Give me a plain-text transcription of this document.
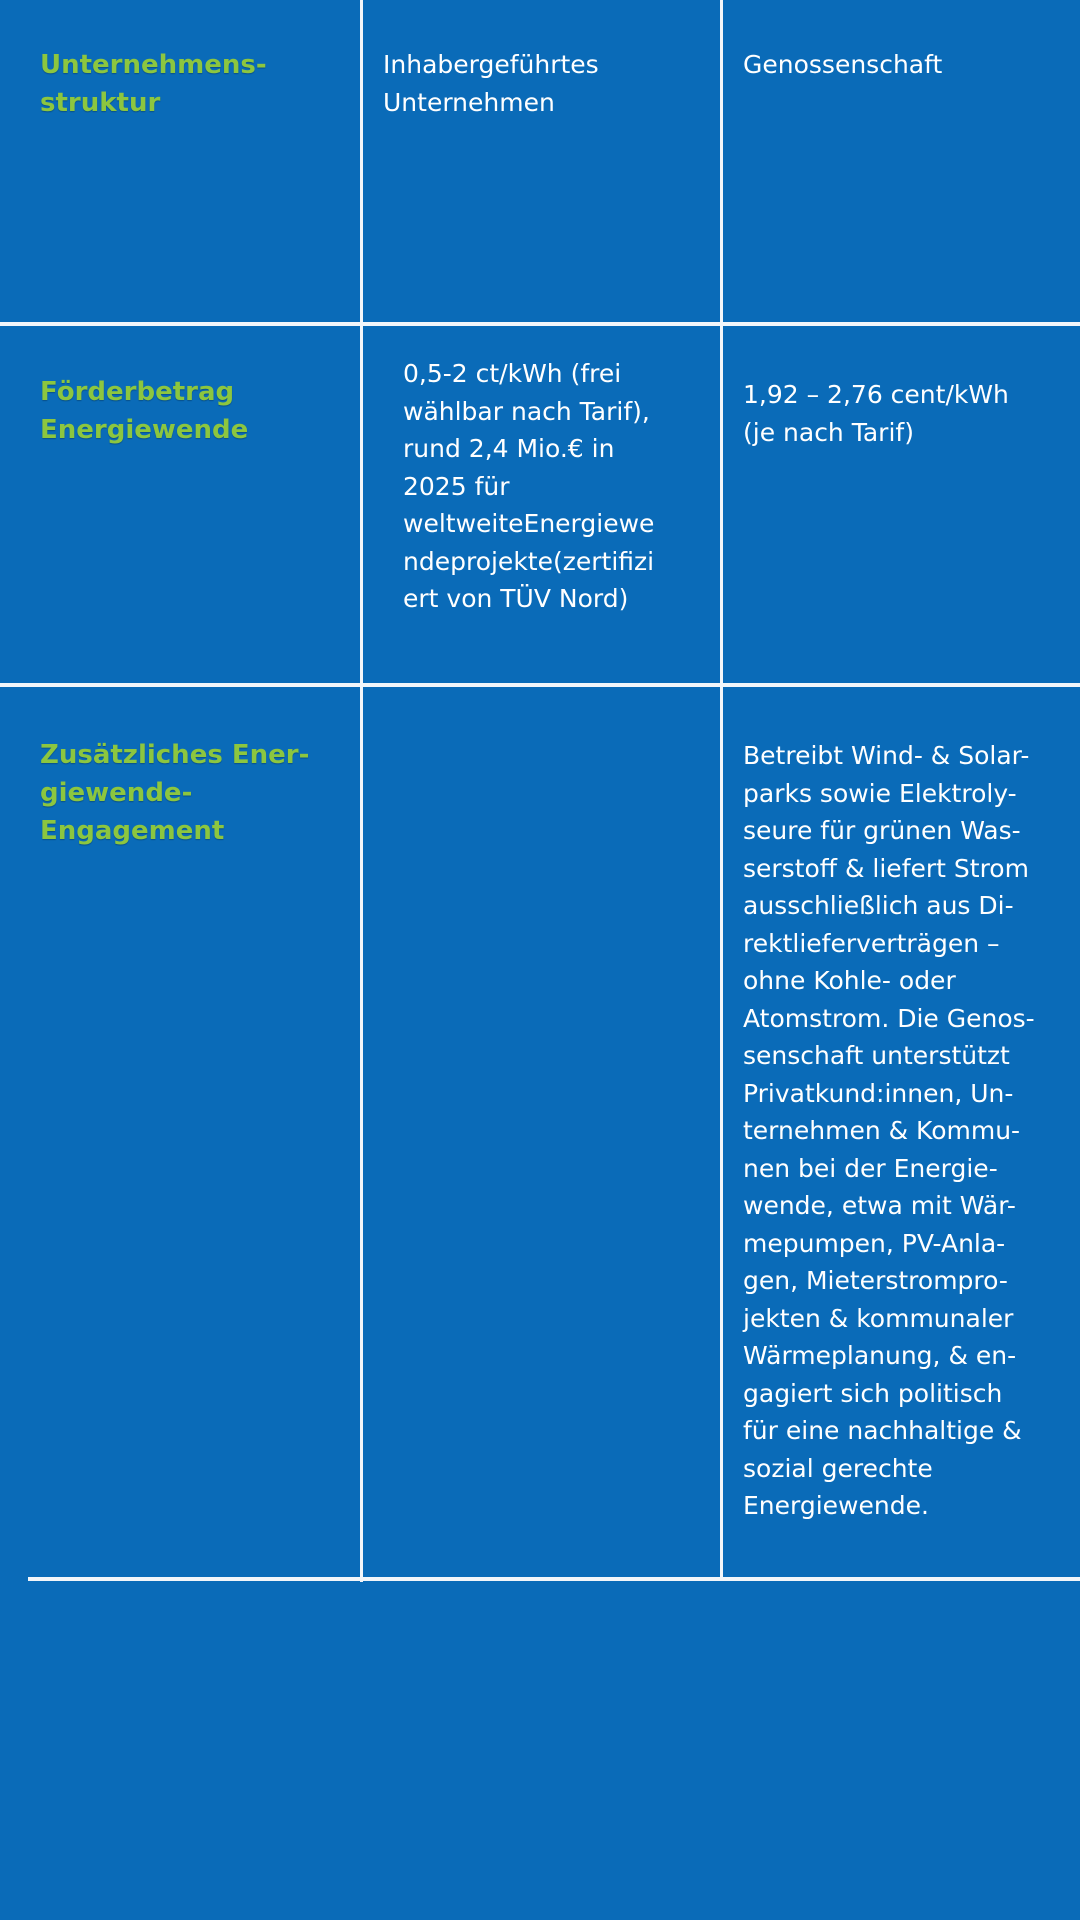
Unternehmens-
struktur
Inhabergeführtes
Unternehmen
Genossenschaft
Förderbetrag
Energiewende
0,5-2 ct/kWh (frei
wählbar nach Tarif),
rund 2,4 Mio.€ in
2025 für
weltweiteEnergiewe
ndeprojekte(zertifizi
ert von TÜV Nord)
1,92 – 2,76 cent/kWh
(je nach Tarif)
Zusätzliches Ener-
giewende-
Engagement
Betreibt Wind- & Solar-
parks sowie Elektroly-
seure für grünen Was-
serstoff & liefert Strom
ausschließlich aus Di-
rektlieferverträgen –
ohne Kohle- oder
Atomstrom. Die Genos-
senschaft unterstützt
Privatkund:innen, Un-
ternehmen & Kommu-
nen bei der Energie-
wende, etwa mit Wär-
mepumpen, PV-Anla-
gen, Mieterstrompro-
jekten & kommunaler
Wärmeplanung, & en-
gagiert sich politisch
für eine nachhaltige &
sozial gerechte
Energiewende.
